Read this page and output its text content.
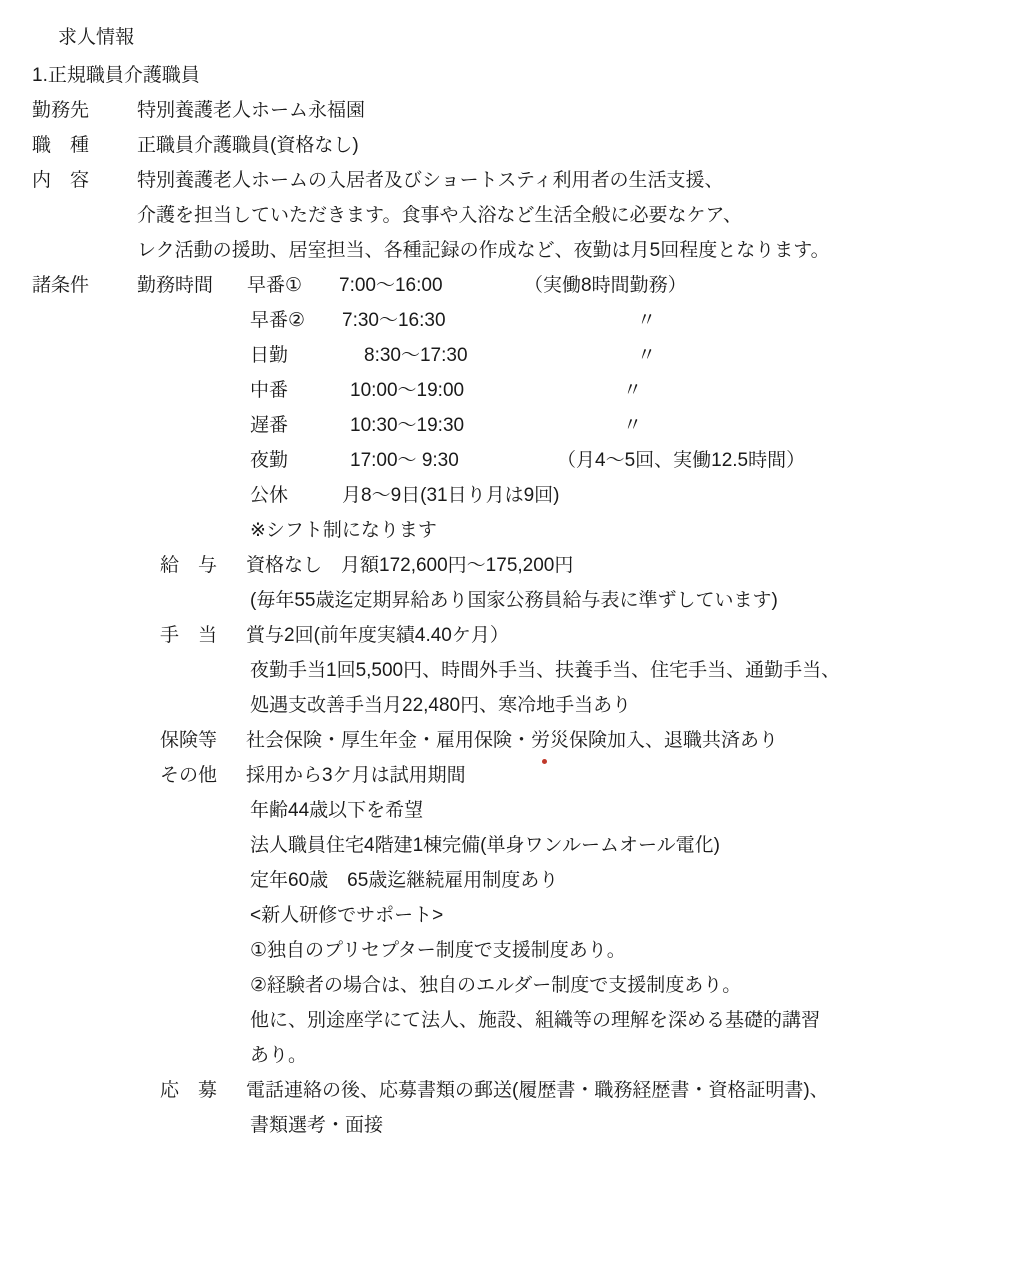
求人情報
1.正規職員介護職員
勤務先	特別養護老人ホーム永福園
職　種	正職員介護職員(資格なし)
内　容	特別養護老人ホームの入居者及びショートスティ利用者の生活支援、
介護を担当していただきます。食事や入浴など生活全般に必要なケア、
レク活動の援助、居室担当、各種記録の作成など、夜勤は月5回程度となります。
諸条件	勤務時間	早番①	7:00〜16:00	（実働8時間勤務）
早番②	7:30〜16:30	〃
日勤	8:30〜17:30	〃
中番	10:00〜19:00	〃
遅番	10:30〜19:30	〃
夜勤	17:00〜 9:30	（月4〜5回、実働12.5時間）
公休	月8〜9日(31日り月は9回)
※シフト制になります
給　与	資格なし　月額172,600円〜175,200円
(毎年55歳迄定期昇給あり国家公務員給与表に準ずしています)
手　当	賞与2回(前年度実績4.40ケ月）
夜勤手当1回5,500円、時間外手当、扶養手当、住宅手当、通勤手当、
処遇支改善手当月22,480円、寒冷地手当あり
保険等	社会保険・厚生年金・雇用保険・労災保険加入、退職共済あり
その他	採用から3ケ月は試用期間
年齢44歳以下を希望
法人職員住宅4階建1棟完備(単身ワンルームオール電化)
定年60歳　65歳迄継続雇用制度あり
<新人研修でサポート>
①独自のプリセプター制度で支援制度あり。
②経験者の場合は、独自のエルダー制度で支援制度あり。
他に、別途座学にて法人、施設、組織等の理解を深める基礎的講習
あり。
応　募	電話連絡の後、応募書類の郵送(履歴書・職務経歴書・資格証明書)、
書類選考・面接
